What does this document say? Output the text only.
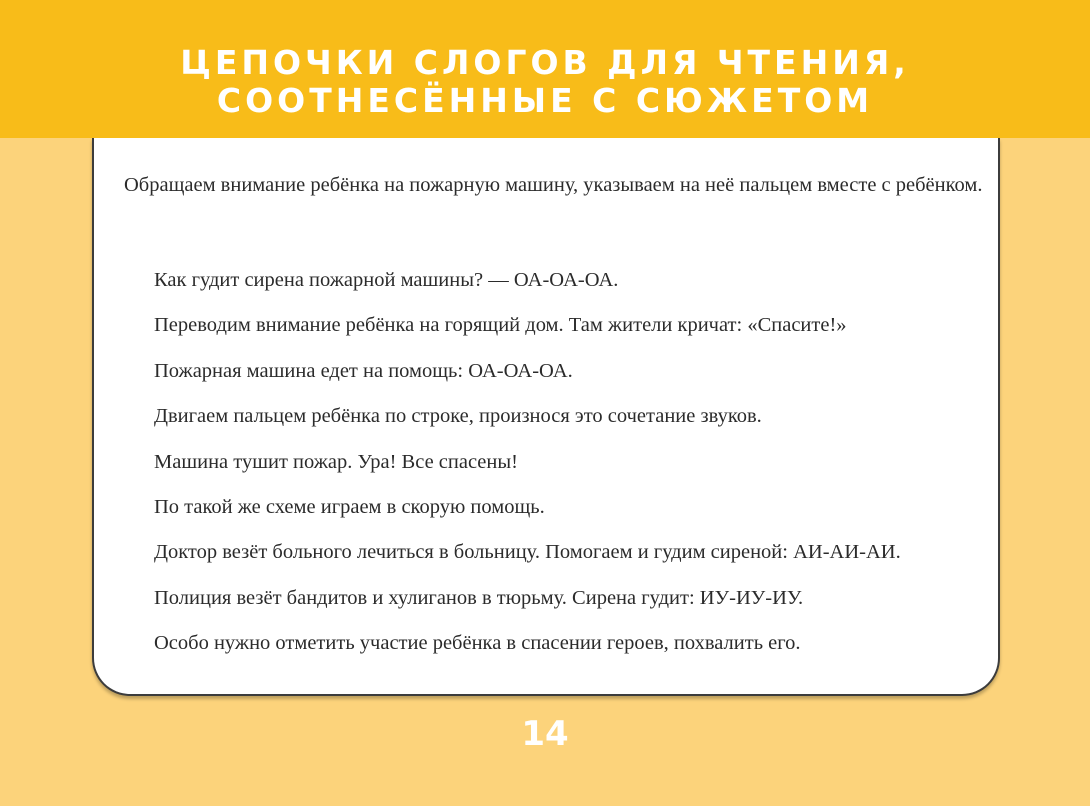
ЦЕПОЧКИ СЛОГОВ ДЛЯ ЧТЕНИЯ,
СООТНЕСЁННЫЕ С СЮЖЕТОМ

Обращаем внимание ребёнка на пожарную машину, указываем на неё пальцем вместе с ребёнком.

Как гудит сирена пожарной машины? — ОА-ОА-ОА.
Переводим внимание ребёнка на горящий дом. Там жители кричат: «Спасите!»
Пожарная машина едет на помощь: ОА-ОА-ОА.
Двигаем пальцем ребёнка по строке, произнося это сочетание звуков.
Машина тушит пожар. Ура! Все спасены!
По такой же схеме играем в скорую помощь.
Доктор везёт больного лечиться в больницу. Помогаем и гудим сиреной: АИ-АИ-АИ.
Полиция везёт бандитов и хулиганов в тюрьму. Сирена гудит: ИУ-ИУ-ИУ.
Особо нужно отметить участие ребёнка в спасении героев, похвалить его.
14
